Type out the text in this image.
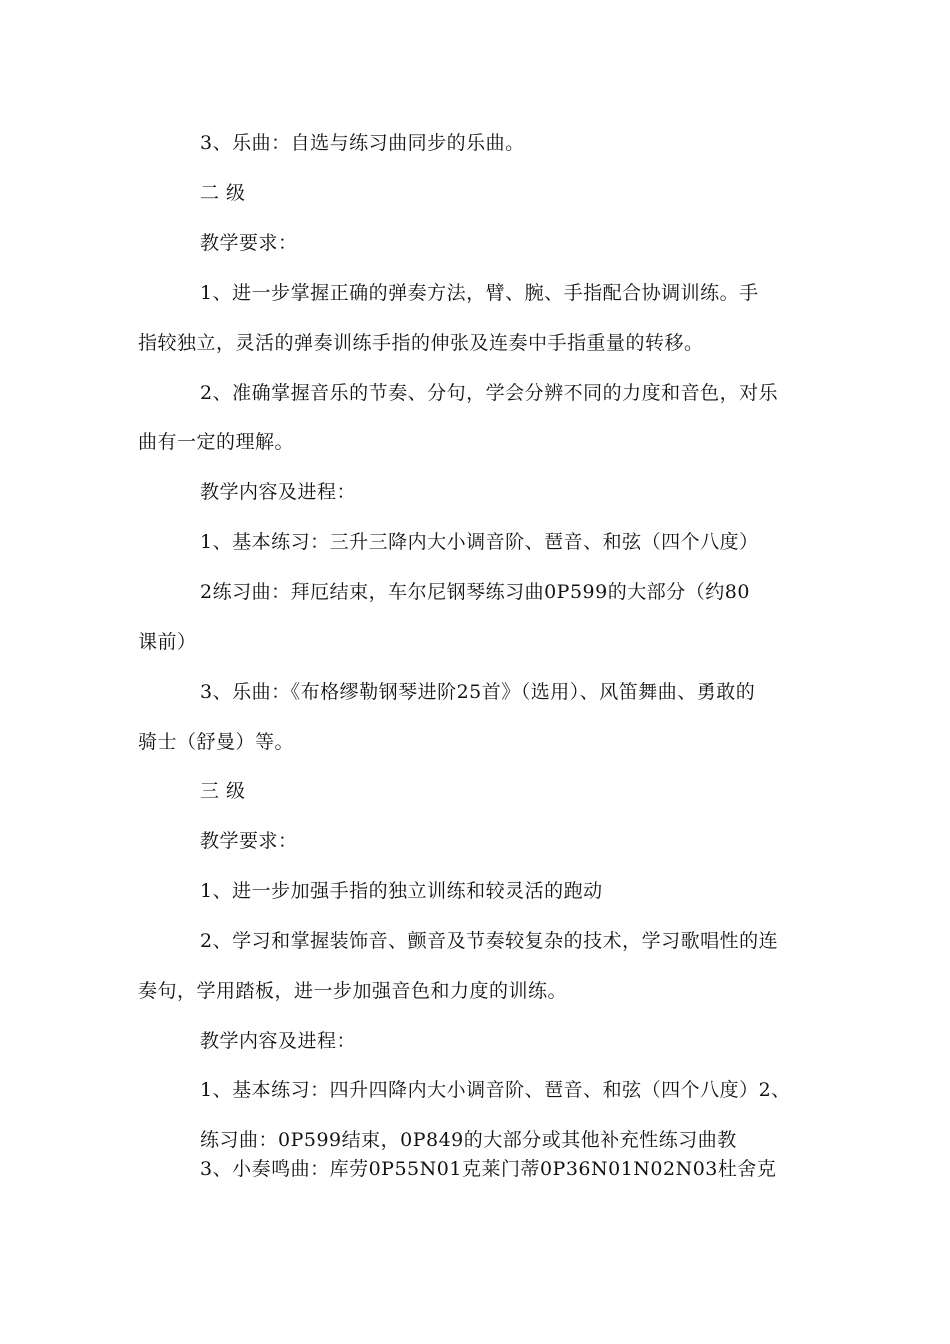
3、乐曲：自选与练习曲同步的乐曲。
二 级
教学要求：
1、进一步掌握正确的弹奏方法，臂、腕、手指配合协调训练。手
指较独立，灵活的弹奏训练手指的伸张及连奏中手指重量的转移。
2、准确掌握音乐的节奏、分句，学会分辨不同的力度和音色，对乐
曲有一定的理解。
教学内容及进程：
1、基本练习：三升三降内大小调音阶、琶音、和弦（四个八度）
2练习曲：拜厄结束，车尔尼钢琴练习曲0P599的大部分（约80
课前）
3、乐曲：《布格缪勒钢琴进阶25首》（选用）、风笛舞曲、勇敢的
骑士（舒曼）等。
三 级
教学要求：
1、进一步加强手指的独立训练和较灵活的跑动
2、学习和掌握装饰音、颤音及节奏较复杂的技术，学习歌唱性的连
奏句，学用踏板，进一步加强音色和力度的训练。
教学内容及进程：
1、基本练习：四升四降内大小调音阶、琶音、和弦（四个八度）2、
练习曲：0P599结束，0P849的大部分或其他补充性练习曲教
3、小奏鸣曲：库劳0P55N01克莱门蒂0P36N01N02N03杜舍克
